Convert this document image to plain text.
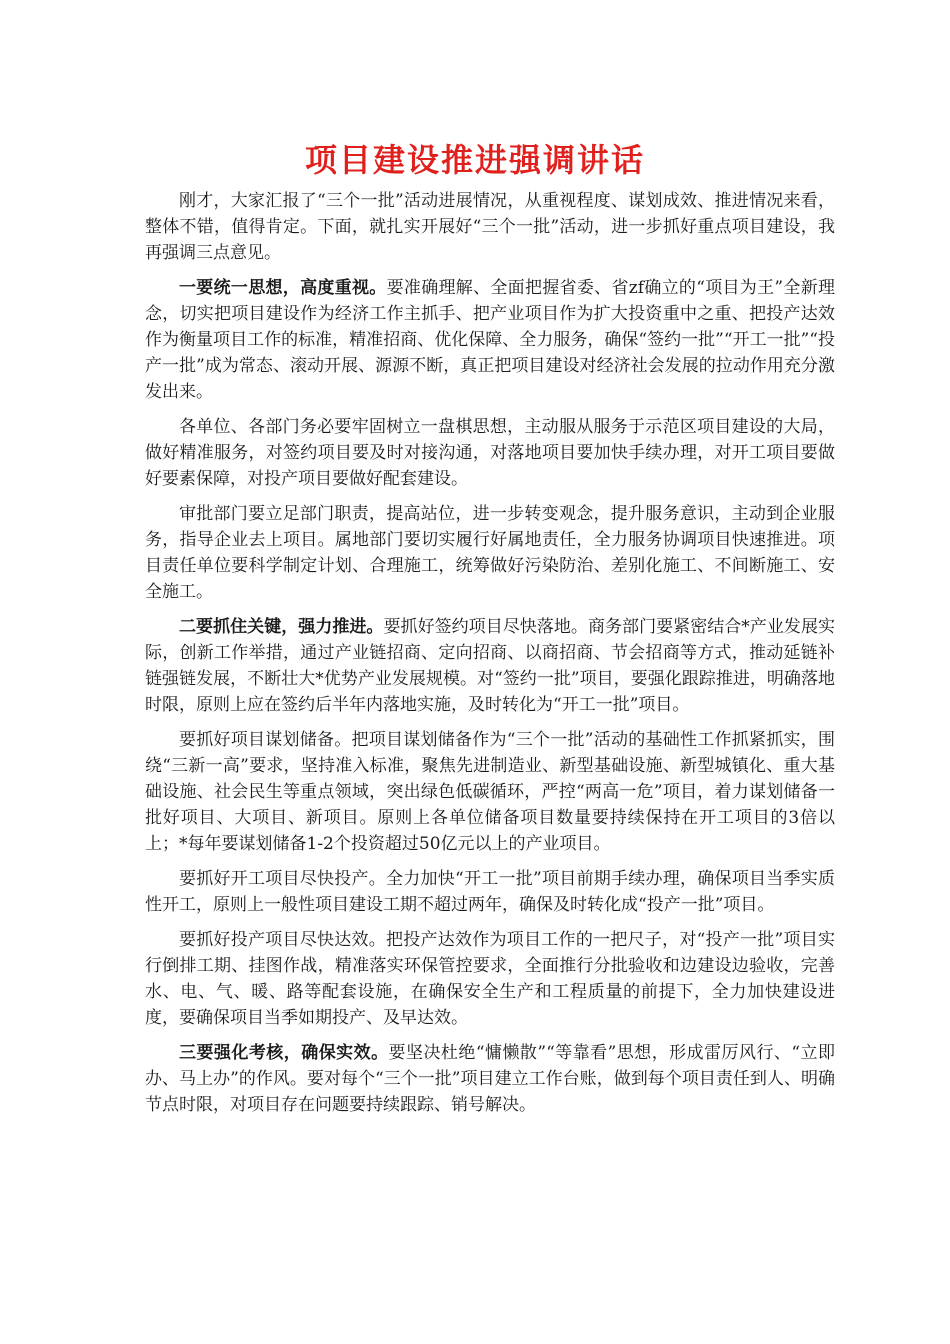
项目建设推进强调讲话

刚才，大家汇报了“三个一批”活动进展情况，从重视程度、谋划成效、推进情况来看，整体不错，值得肯定。下面，就扎实开展好“三个一批”活动，进一步抓好重点项目建设，我再强调三点意见。

一要统一思想，高度重视。要准确理解、全面把握省委、省zf确立的“项目为王”全新理念，切实把项目建设作为经济工作主抓手、把产业项目作为扩大投资重中之重、把投产达效作为衡量项目工作的标准，精准招商、优化保障、全力服务，确保“签约一批”“开工一批”“投产一批”成为常态、滚动开展、源源不断，真正把项目建设对经济社会发展的拉动作用充分激发出来。

各单位、各部门务必要牢固树立一盘棋思想，主动服从服务于示范区项目建设的大局，做好精准服务，对签约项目要及时对接沟通，对落地项目要加快手续办理，对开工项目要做好要素保障，对投产项目要做好配套建设。

审批部门要立足部门职责，提高站位，进一步转变观念，提升服务意识，主动到企业服务，指导企业去上项目。属地部门要切实履行好属地责任，全力服务协调项目快速推进。项目责任单位要科学制定计划、合理施工，统筹做好污染防治、差别化施工、不间断施工、安全施工。

二要抓住关键，强力推进。要抓好签约项目尽快落地。商务部门要紧密结合*产业发展实际，创新工作举措，通过产业链招商、定向招商、以商招商、节会招商等方式，推动延链补链强链发展，不断壮大*优势产业发展规模。对“签约一批”项目，要强化跟踪推进，明确落地时限，原则上应在签约后半年内落地实施，及时转化为“开工一批”项目。

要抓好项目谋划储备。把项目谋划储备作为“三个一批”活动的基础性工作抓紧抓实，围绕“三新一高”要求，坚持准入标准，聚焦先进制造业、新型基础设施、新型城镇化、重大基础设施、社会民生等重点领域，突出绿色低碳循环，严控“两高一危”项目，着力谋划储备一批好项目、大项目、新项目。原则上各单位储备项目数量要持续保持在开工项目的3倍以上；*每年要谋划储备1-2个投资超过50亿元以上的产业项目。

要抓好开工项目尽快投产。全力加快“开工一批”项目前期手续办理，确保项目当季实质性开工，原则上一般性项目建设工期不超过两年，确保及时转化成“投产一批”项目。

要抓好投产项目尽快达效。把投产达效作为项目工作的一把尺子，对“投产一批”项目实行倒排工期、挂图作战，精准落实环保管控要求，全面推行分批验收和边建设边验收，完善水、电、气、暖、路等配套设施，在确保安全生产和工程质量的前提下，全力加快建设进度，要确保项目当季如期投产、及早达效。

三要强化考核，确保实效。要坚决杜绝“慵懒散”“等靠看”思想，形成雷厉风行、“立即办、马上办”的作风。要对每个“三个一批”项目建立工作台账，做到每个项目责任到人、明确节点时限，对项目存在问题要持续跟踪、销号解决。
